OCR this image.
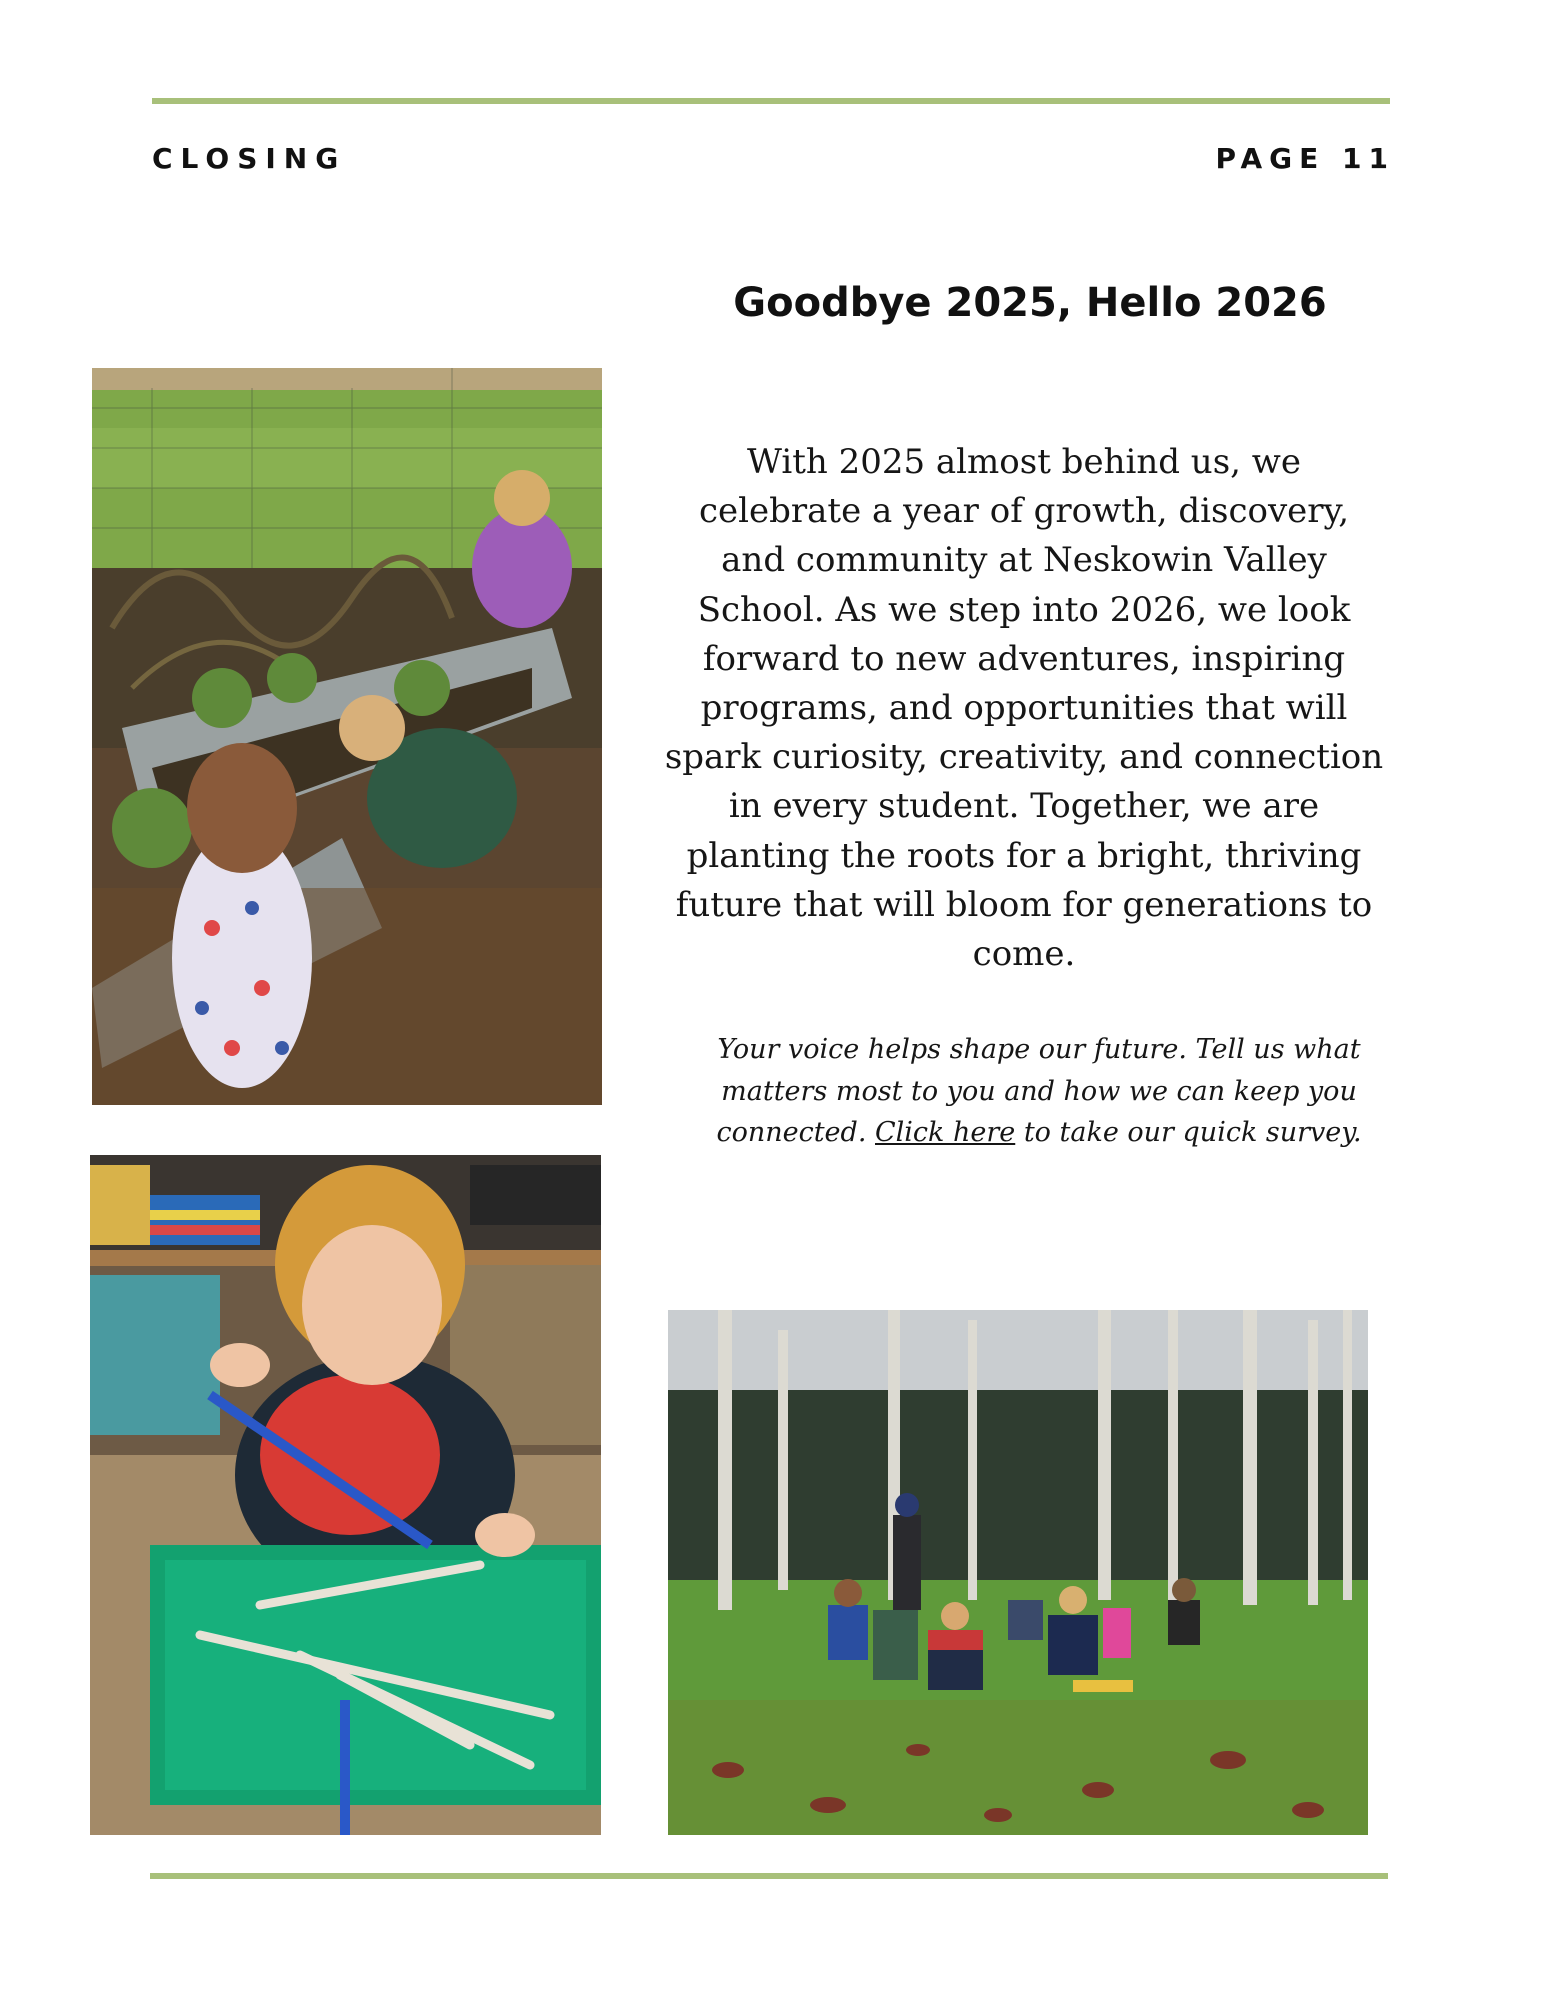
CLOSING	PAGE 11
Goodbye 2025, Hello 2026
With 2025 almost behind us, we celebrate a year of growth, discovery, and community at Neskowin Valley School. As we step into 2026, we look forward to new adventures, inspiring programs, and opportunities that will spark curiosity, creativity, and connection in every student. Together, we are planting the roots for a bright, thriving future that will bloom for generations to come.
Your voice helps shape our future. Tell us what matters most to you and how we can keep you connected. Click here to take our quick survey.
